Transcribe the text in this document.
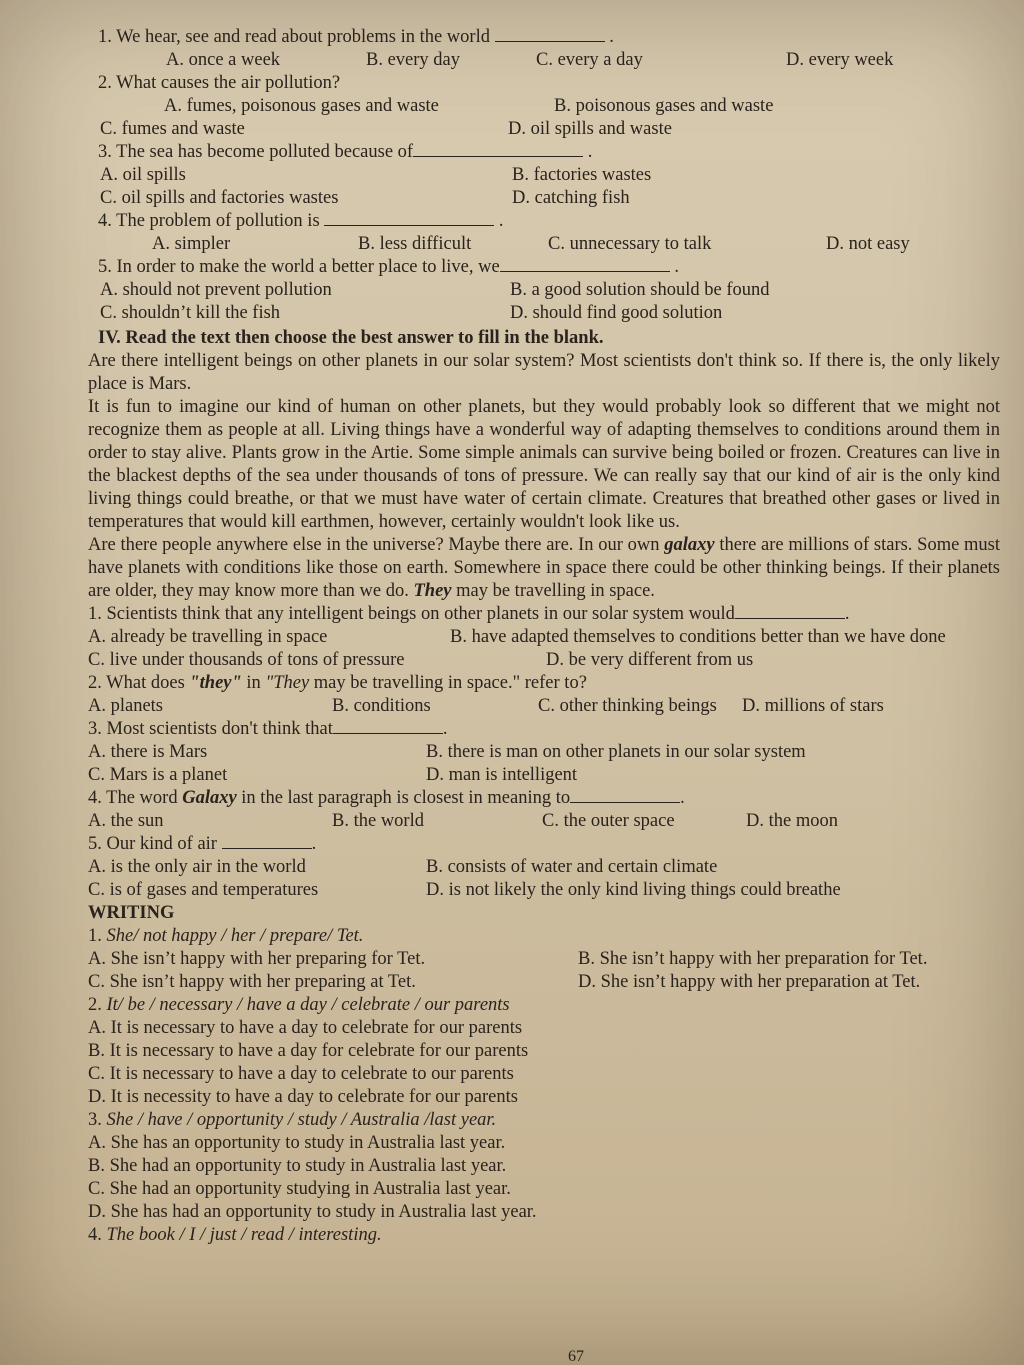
1. We hear, see and read about problems in the world	.

A. once a week	B. every day	C. every a day	D. every week

2. What causes the air pollution?

A. fumes, poisonous gases and waste	B. poisonous gases and waste
C. fumes and waste	D. oil spills and waste

3. The sea has become polluted because of	.

A. oil spills	B. factories wastes
C. oil spills and factories wastes	D. catching fish

4. The problem of pollution is	.

A. simpler	B. less difficult	C. unnecessary to talk	D. not easy

5. In order to make the world a better place to live, we	.

A. should not prevent pollution	B. a good solution should be found
C. shouldn’t kill the fish	D. should find good solution

IV. Read the text then choose the best answer to fill in the blank.

Are there intelligent beings on other planets in our solar system? Most scientists don't think so. If there is, the only likely place is Mars.

It is fun to imagine our kind of human on other planets, but they would probably look so different that we might not recognize them as people at all. Living things have a wonderful way of adapting themselves to conditions around them in order to stay alive. Plants grow in the Artie. Some simple animals can survive being boiled or frozen. Creatures can live in the blackest depths of the sea under thousands of tons of pressure. We can really say that our kind of air is the only kind living things could breathe, or that we must have water of certain climate. Creatures that breathed other gases or lived in temperatures that would kill earthmen, however, certainly wouldn't look like us.

Are there people anywhere else in the universe? Maybe there are. In our own galaxy there are millions of stars. Some must have planets with conditions like those on earth. Somewhere in space there could be other thinking beings. If their planets are older, they may know more than we do. They may be travelling in space.

1. Scientists think that any intelligent beings on other planets in our solar system would	.

A. already be travelling in space	B. have adapted themselves to conditions better than we have done
C. live under thousands of tons of pressure	D. be very different from us

2. What does "they" in "They may be travelling in space." refer to?

A. planets	B. conditions	C. other thinking beings	D. millions of stars

3. Most scientists don't think that	.

A. there is Mars	B. there is man on other planets in our solar system
C. Mars is a planet	D. man is intelligent

4. The word Galaxy in the last paragraph is closest in meaning to	.

A. the sun	B. the world	C. the outer space	D. the moon

5. Our kind of air	.

A. is the only air in the world	B. consists of water and certain climate
C. is of gases and temperatures	D. is not likely the only kind living things could breathe

WRITING

1. She/ not happy / her / prepare/ Tet.

A. She isn’t happy with her preparing for Tet.	B. She isn’t happy with her preparation for Tet.
C. She isn’t happy with her preparing at Tet.	D. She isn’t happy with her preparation at Tet.

2. It/ be / necessary / have a day / celebrate / our parents

A. It is necessary to have a day to celebrate for our parents

B. It is necessary to have a day for celebrate for our parents

C. It is necessary to have a day to celebrate to our parents

D. It is necessity to have a day to celebrate for our parents

3. She / have / opportunity / study / Australia /last year.

A. She has an opportunity to study in Australia last year.

B. She had an opportunity to study in Australia last year.

C. She had an opportunity studying in Australia last year.

D. She has had an opportunity to study in Australia last year.

4. The book / I / just / read / interesting.

67
